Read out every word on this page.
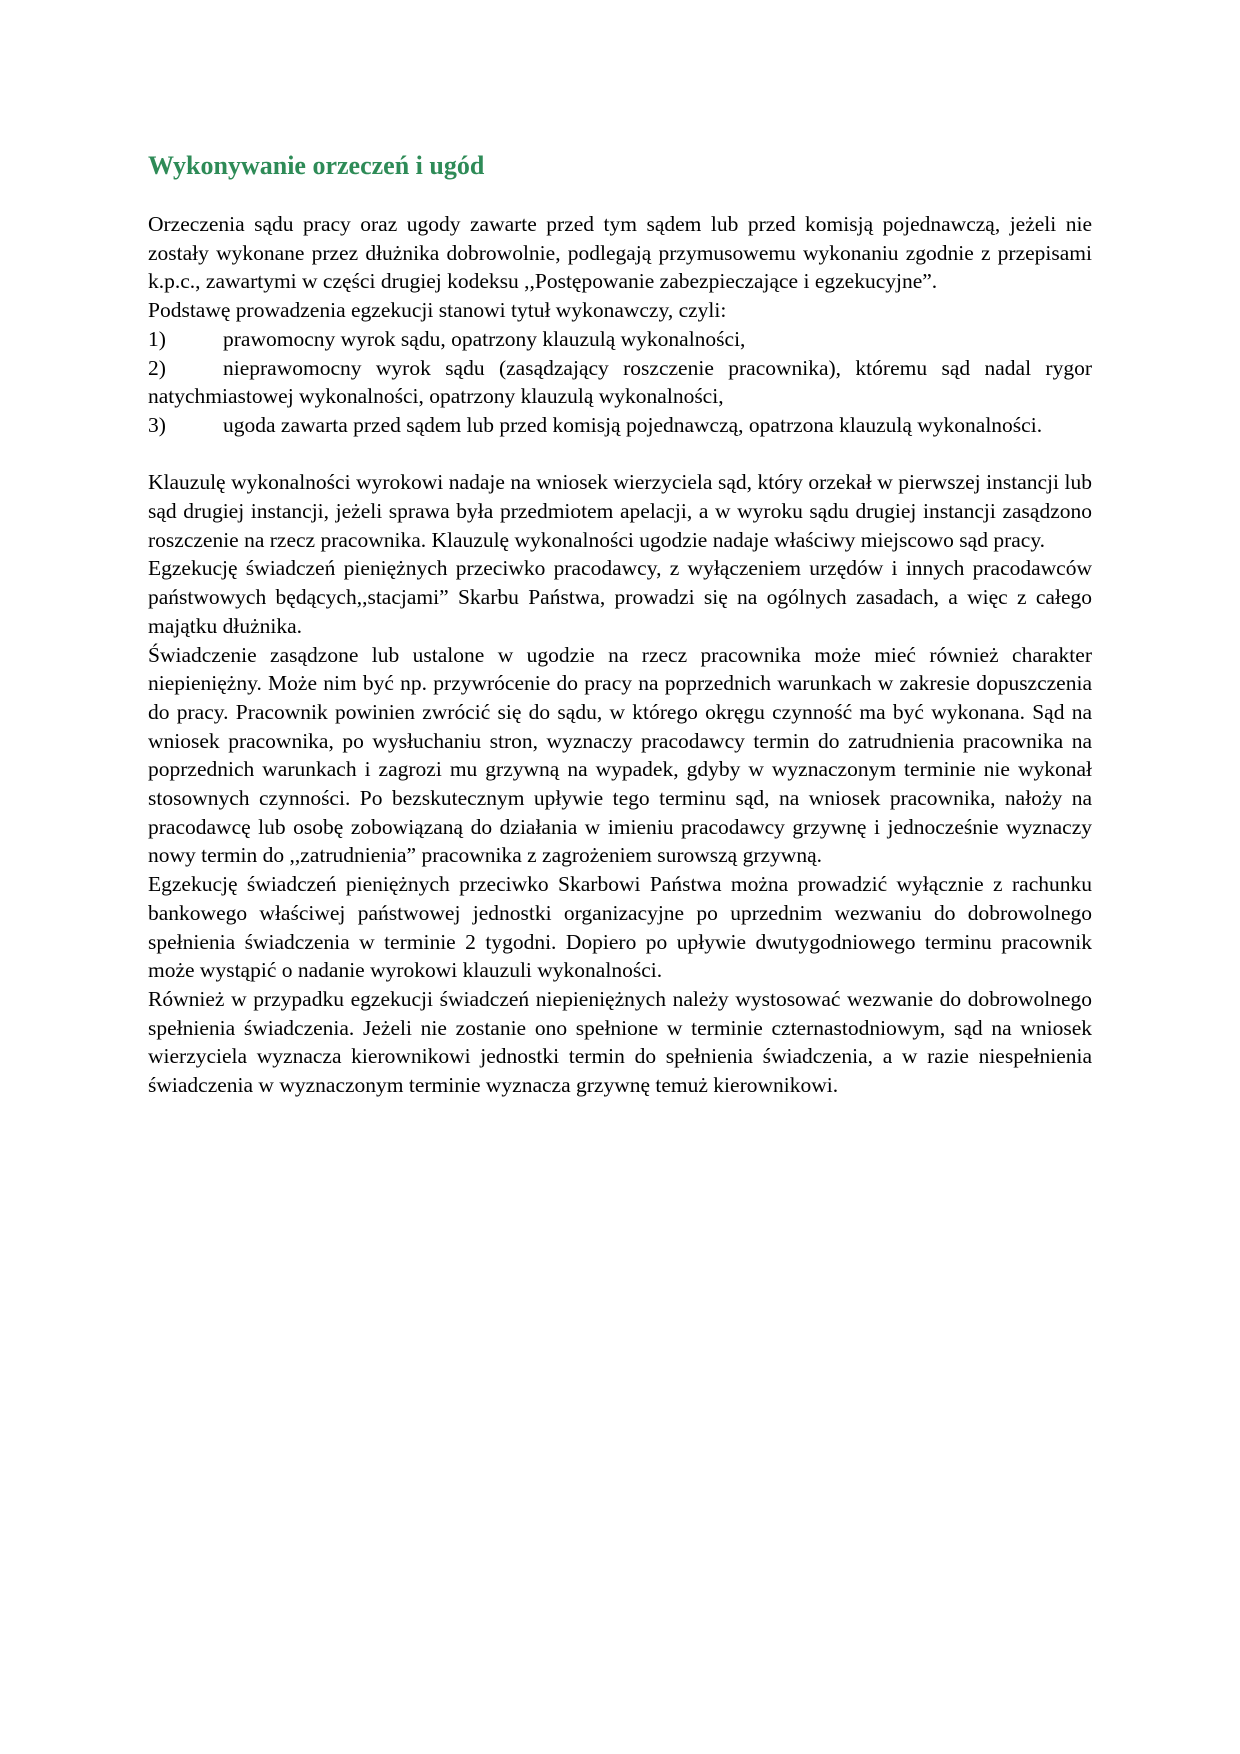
Wykonywanie orzeczeń i ugód

Orzeczenia sądu pracy oraz ugody zawarte przed tym sądem lub przed komisją pojednawczą, jeżeli nie zostały wykonane przez dłużnika dobrowolnie, podlegają przymusowemu wykonaniu zgodnie z przepisami k.p.c., zawartymi w części drugiej kodeksu ,,Postępowanie zabezpieczające i egzekucyjne”.

Podstawę prowadzenia egzekucji stanowi tytuł wykonawczy, czyli:

1)	prawomocny wyrok sądu, opatrzony klauzulą wykonalności,

2)	nieprawomocny wyrok sądu (zasądzający roszczenie pracownika), któremu sąd nadal rygor natychmiastowej wykonalności, opatrzony klauzulą wykonalności,

3)	ugoda zawarta przed sądem lub przed komisją pojednawczą, opatrzona klauzulą wykonalności.

Klauzulę wykonalności wyrokowi nadaje na wniosek wierzyciela sąd, który orzekał w pierwszej instancji lub sąd drugiej instancji, jeżeli sprawa była przedmiotem apelacji, a w wyroku sądu drugiej instancji zasądzono roszczenie na rzecz pracownika. Klauzulę wykonalności ugodzie nadaje właściwy miejscowo sąd pracy.

Egzekucję świadczeń pieniężnych przeciwko pracodawcy, z wyłączeniem urzędów i innych pracodawców państwowych będących,,stacjami” Skarbu Państwa, prowadzi się na ogólnych zasadach, a więc z całego majątku dłużnika.

Świadczenie zasądzone lub ustalone w ugodzie na rzecz pracownika może mieć również charakter niepieniężny. Może nim być np. przywrócenie do pracy na poprzednich warunkach w zakresie dopuszczenia do pracy. Pracownik powinien zwrócić się do sądu, w którego okręgu czynność ma być wykonana. Sąd na wniosek pracownika, po wysłuchaniu stron, wyznaczy pracodawcy termin do zatrudnienia pracownika na poprzednich warunkach i zagrozi mu grzywną na wypadek, gdyby w wyznaczonym terminie nie wykonał stosownych czynności. Po bezskutecznym upływie tego terminu sąd, na wniosek pracownika, nałoży na pracodawcę lub osobę zobowiązaną do działania w imieniu pracodawcy grzywnę i jednocześnie wyznaczy nowy termin do ,,zatrudnienia” pracownika z zagrożeniem surowszą grzywną.

Egzekucję świadczeń pieniężnych przeciwko Skarbowi Państwa można prowadzić wyłącznie z rachunku bankowego właściwej państwowej jednostki organizacyjne po uprzednim wezwaniu do dobrowolnego spełnienia świadczenia w terminie 2 tygodni. Dopiero po upływie dwutygodniowego terminu pracownik może wystąpić o nadanie wyrokowi klauzuli wykonalności.

Również w przypadku egzekucji świadczeń niepieniężnych należy wystosować wezwanie do dobrowolnego spełnienia świadczenia. Jeżeli nie zostanie ono spełnione w terminie czternastodniowym, sąd na wniosek wierzyciela wyznacza kierownikowi jednostki termin do spełnienia świadczenia, a w razie niespełnienia świadczenia w wyznaczonym terminie wyznacza grzywnę temuż kierownikowi.
